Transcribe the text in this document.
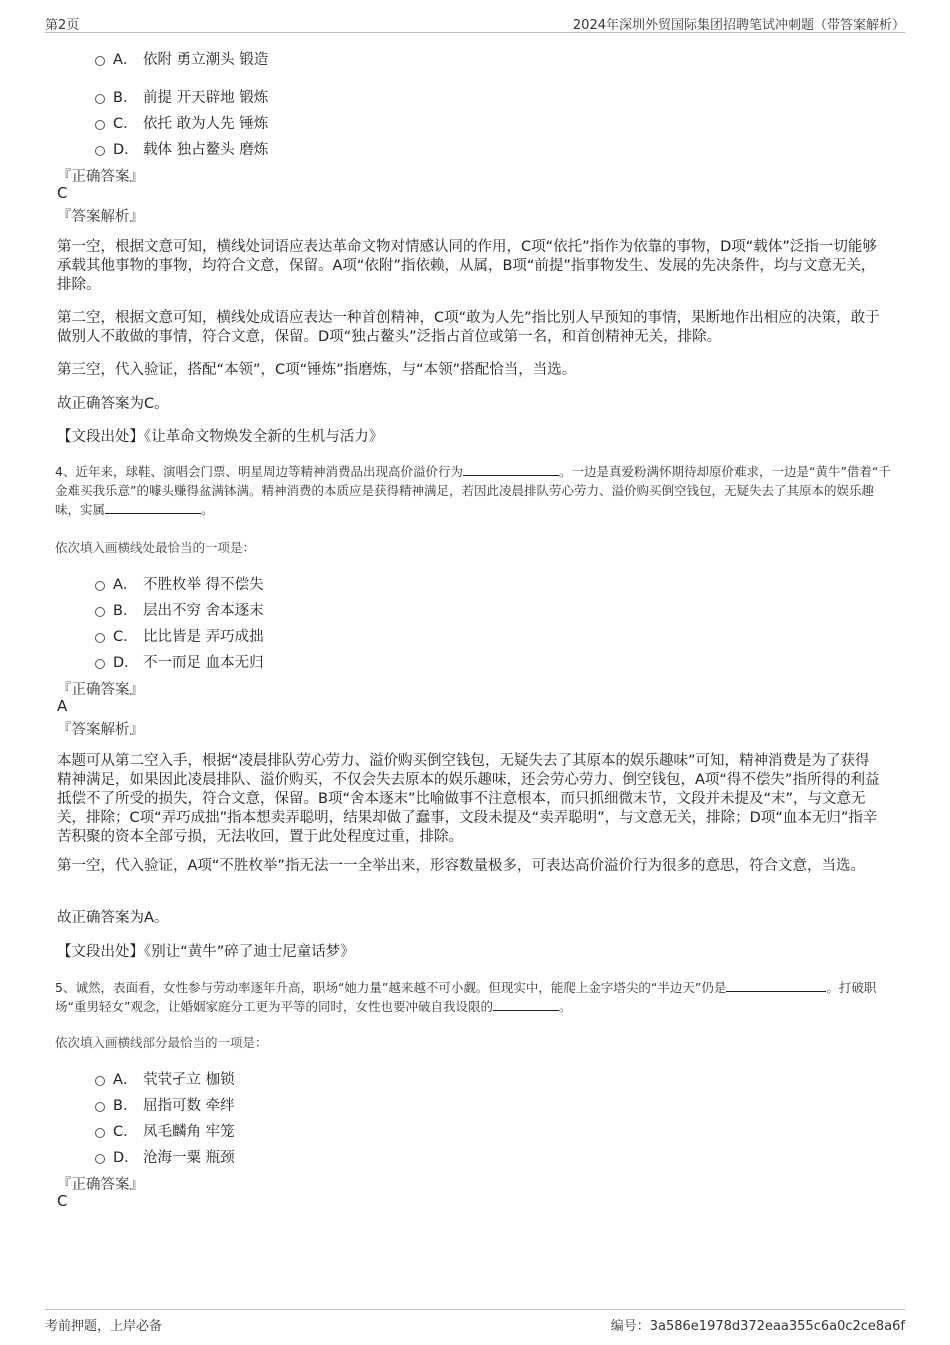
第2页	2024年深圳外贸国际集团招聘笔试冲刺题（带答案解析）
A． 依附 勇立潮头 锻造
B． 前提 开天辟地 锻炼
C． 依托 敢为人先 锤炼
D． 载体 独占鳌头 磨炼
『正确答案』
C
『答案解析』
第一空，根据文意可知，横线处词语应表达革命文物对情感认同的作用，C项“依托”指作为依靠的事物，D项“载体”泛指一切能够承载其他事物的事物，均符合文意，保留。A项“依附”指依赖，从属，B项“前提”指事物发生、发展的先决条件，均与文意无关，排除。
第二空，根据文意可知，横线处成语应表达一种首创精神，C项“敢为人先”指比别人早预知的事情，果断地作出相应的决策，敢于做别人不敢做的事情，符合文意，保留。D项“独占鳌头”泛指占首位或第一名，和首创精神无关，排除。
第三空，代入验证，搭配“本领”，C项“锤炼”指磨炼，与“本领”搭配恰当，当选。
故正确答案为C。
【文段出处】《让革命文物焕发全新的生机与活力》
4、近年来，球鞋、演唱会门票、明星周边等精神消费品出现高价溢价行为	。一边是真爱粉满怀期待却原价难求，一边是“黄牛”借着“千金难买我乐意”的噱头赚得盆满钵满。精神消费的本质应是获得精神满足，若因此凌晨排队劳心劳力、溢价购买倒空钱包，无疑失去了其原本的娱乐趣味，实属	。
依次填入画横线处最恰当的一项是：
A． 不胜枚举 得不偿失
B． 层出不穷 舍本逐末
C． 比比皆是 弄巧成拙
D． 不一而足 血本无归
『正确答案』
A
『答案解析』
本题可从第二空入手，根据“凌晨排队劳心劳力、溢价购买倒空钱包，无疑失去了其原本的娱乐趣味”可知，精神消费是为了获得精神满足，如果因此凌晨排队、溢价购买，不仅会失去原本的娱乐趣味，还会劳心劳力、倒空钱包，A项“得不偿失”指所得的利益抵偿不了所受的损失，符合文意，保留。B项“舍本逐末”比喻做事不注意根本，而只抓细微末节，文段并未提及“末”，与文意无关，排除；C项“弄巧成拙”指本想卖弄聪明，结果却做了蠢事，文段未提及“卖弄聪明”，与文意无关，排除；D项“血本无归”指辛苦积聚的资本全部亏损，无法收回，置于此处程度过重，排除。
第一空，代入验证，A项“不胜枚举”指无法一一全举出来，形容数量极多，可表达高价溢价行为很多的意思，符合文意，当选。
故正确答案为A。
【文段出处】《别让“黄牛”碎了迪士尼童话梦》
5、诚然，表面看，女性参与劳动率逐年升高，职场“她力量”越来越不可小觑。但现实中，能爬上金字塔尖的“半边天”仍是	。打破职场“重男轻女”观念，让婚姻家庭分工更为平等的同时，女性也要冲破自我设限的	。
依次填入画横线部分最恰当的一项是：
A． 茕茕孑立 枷锁
B． 屈指可数 牵绊
C． 凤毛麟角 牢笼
D． 沧海一粟 瓶颈
『正确答案』
C
考前押题，上岸必备	编号：3a586e1978d372eaa355c6a0c2ce8a6f
